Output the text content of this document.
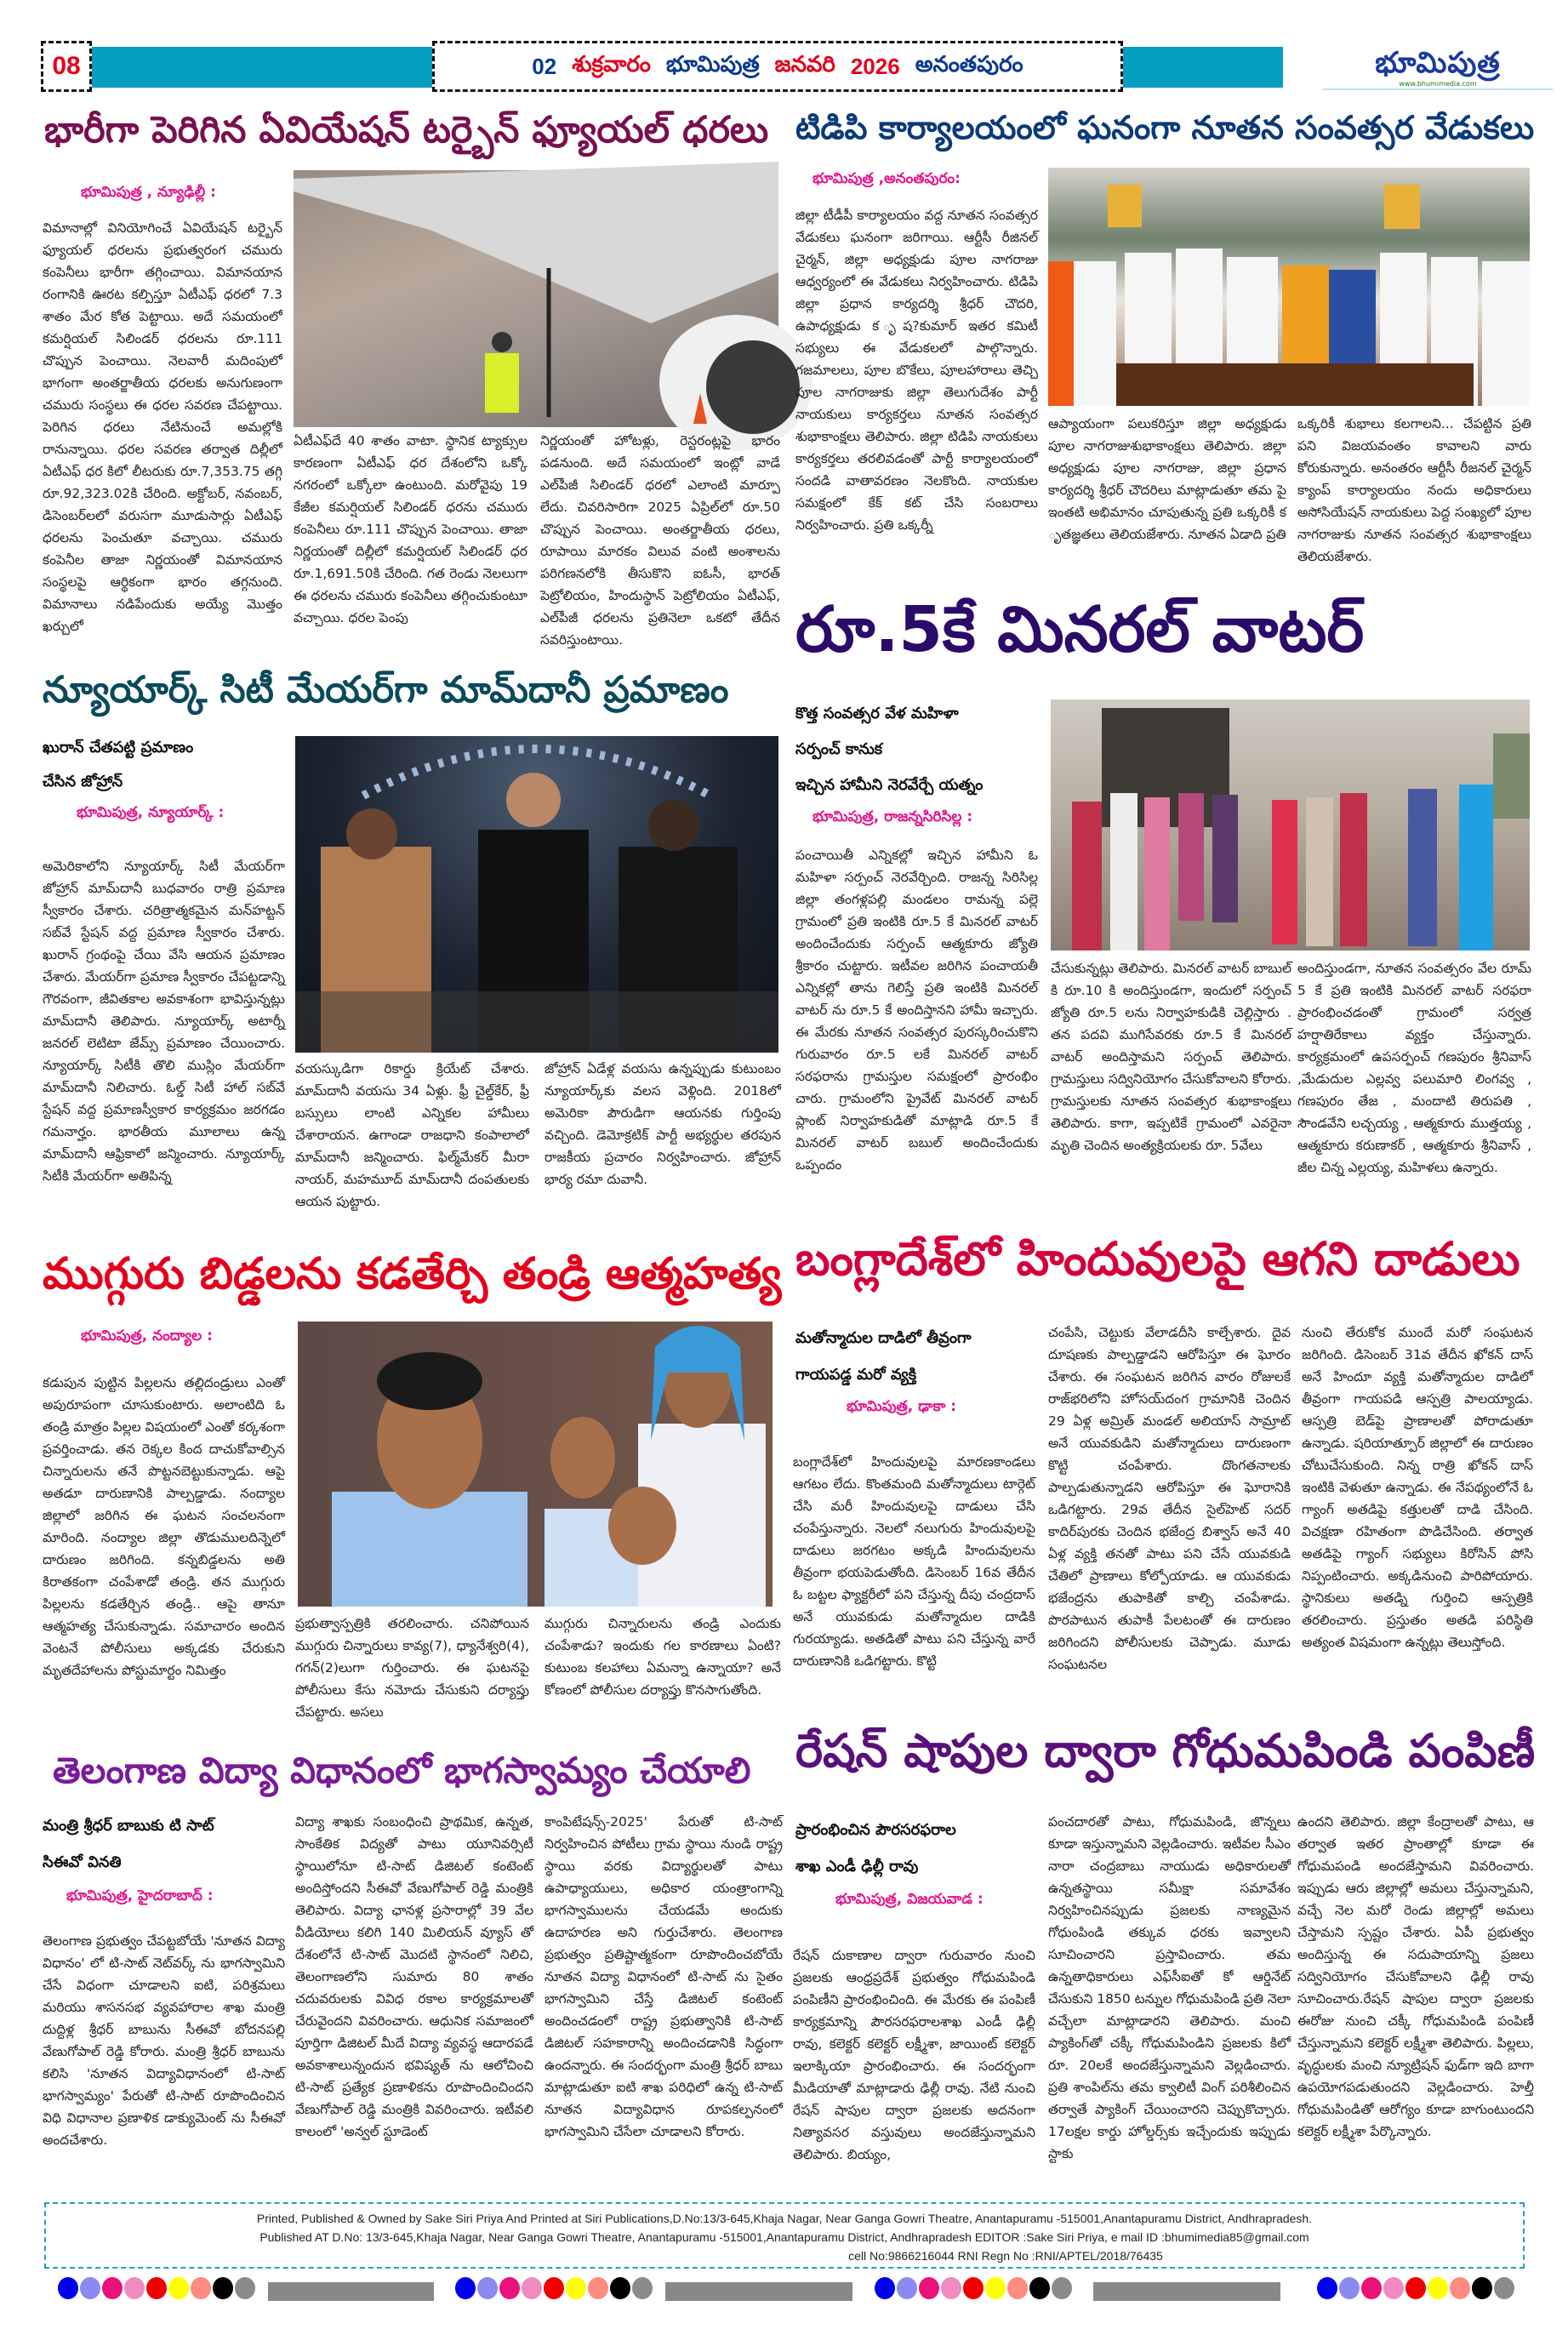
08	02 శుక్రవారం భూమిపుత్ర జనవరి 2026 అనంతపురం	భూమిపుత్ర
www.bhumimedia.com
భారీగా పెరిగిన ఏవియేషన్ టర్బైన్ ఫ్యూయల్ ధరలు
భూమిపుత్ర , న్యూఢిల్లీ :
విమానాల్లో వినియోగించే ఏవియేషన్ టర్బైన్ ఫ్యూయల్ ధరలను ప్రభుత్వరంగ చమురు కంపెనీలు భారీగా తగ్గించాయి. విమానయాన రంగానికి ఊరట కల్పిస్తూ ఏటీఎఫ్ ధరలో 7.3 శాతం మేర కోత పెట్టాయి. అదే సమయంలో కమర్షియల్ సిలిండర్ ధరలను రూ.111 చొప్పున పెంచాయి. నెలవారీ మదింపులో భాగంగా అంతర్జాతీయ ధరలకు అనుగుణంగా చమురు సంస్థలు ఈ ధరల సవరణ చేపట్టాయి. పెరిగిన ధరలు నేటినుంచే అమల్లోకి రానున్నాయి. ధరల సవరణ తర్వాత దిల్లీలో ఏటీఎఫ్ ధర కిలో లీటరుకు రూ.7,353.75 తగ్గి రూ.92,323.02కి చేరింది. అక్టోబర్, నవంబర్, డిసెంబర్‌లలో వరుసగా మూడుసార్లు ఏటీఎఫ్ ధరలను పెంచుతూ వచ్చాయి. చమురు కంపెనీల తాజా నిర్ణయంతో విమానయాన సంస్థలపై ఆర్థికంగా భారం తగ్గనుంది. విమానాలు నడిపేందుకు అయ్యే మొత్తం ఖర్చులో
ఏటీఎఫ్‌దే 40 శాతం వాటా. స్థానిక ట్యాక్సుల కారణంగా ఏటీఎఫ్ ధర దేశంలోని ఒక్కో నగరంలో ఒక్కోలా ఉంటుంది. మరోవైపు 19 కేజీల కమర్షియల్ సిలిండర్ ధరను చమురు కంపెనీలు రూ.111 చొప్పున పెంచాయి. తాజా నిర్ణయంతో దిల్లీలో కమర్షియల్ సిలిండర్ ధర రూ.1,691.50కి చేరింది. గత రెండు నెలలుగా ఈ ధరలను చమురు కంపెనీలు తగ్గించుకుంటూ వచ్చాయి. ధరల పెంపు
నిర్ణయంతో హోటళ్లు, రెస్టరంట్లపై భారం పడనుంది. అదే సమయంలో ఇంట్లో వాడే ఎల్‌పీజీ సిలిండర్ ధరలో ఎలాంటి మార్పూ లేదు. చివరిసారిగా 2025 ఏప్రిల్‌లో రూ.50 చొప్పున పెంచాయి. అంతర్జాతీయ ధరలు, రూపాయి మారకం విలువ వంటి అంశాలను పరిగణనలోకి తీసుకొని ఐఓసీ, భారత్ పెట్రోలియం, హిందుస్థాన్ పెట్రోలియం ఏటీఎఫ్, ఎల్‌పీజీ ధరలను ప్రతినెలా ఒకటో తేదీన సవరిస్తుంటాయి.
టిడిపి కార్యాలయంలో ఘనంగా నూతన సంవత్సర వేడుకలు
భూమిపుత్ర ,అనంతపురం:
జిల్లా టీడీపీ కార్యాలయం వద్ద నూతన సంవత్సర వేడుకలు ఘనంగా జరిగాయి. ఆర్టీసీ రీజినల్ చైర్మన్, జిల్లా అధ్యక్షుడు పూల నాగరాజు ఆధ్వర్యంలో ఈ వేడుకలు నిర్వహించారు. టిడిపి జిల్లా ప్రధాన కార్యదర్శి శ్రీధర్ చౌదరి, ఉపాధ్యక్షుడు క ృష?కుమార్ ఇతర కమిటీ సభ్యులు ఈ వేడుకలలో పాల్గొన్నారు. గజమాలలు, పూల బొకేలు, పూలహారాలు తెచ్చి పూల నాగరాజుకు జిల్లా తెలుగుదేశం పార్టీ నాయకులు కార్యకర్తలు నూతన సంవత్సర శుభాకాంక్షలు తెలిపారు. జిల్లా టిడిపి నాయకులు కార్యకర్తలు తరలివడంతో పార్టీ కార్యాలయంలో సందడి వాతావరణం నెలకొంది. నాయకుల సమక్షంలో కేక్ కట్ చేసి సంబరాలు నిర్వహించారు. ప్రతి ఒక్కర్నీ
ఆప్యాయంగా పలుకరిస్తూ జిల్లా అధ్యక్షుడు పూల నాగరాజుశుభాకాంక్షలు తెలిపారు. జిల్లా అధ్యక్షుడు పూల నాగరాజు, జిల్లా ప్రధాన కార్యదర్శి శ్రీధర్ చౌదరిలు మాట్లాడుతూ తమ పై ఇంతటి అభిమానం చూపుతున్న ప్రతి ఒక్కరికీ క ృతజ్ఞతలు తెలియజేశారు. నూతన ఏడాది ప్రతి
ఒక్కరికీ శుభాలు కలగాలని... చేపట్టిన ప్రతి పని విజయవంతం కావాలని వారు కోరుకున్నారు. అనంతరం ఆర్టీసీ రీజనల్ చైర్మన్ క్యాంప్ కార్యాలయం నందు అధికారులు అసోసియేషన్ నాయకులు పెద్ద సంఖ్యలో పూల నాగరాజుకు నూతన సంవత్సర శుభాకాంక్షలు తెలియజేశారు.
రూ.5కే మినరల్ వాటర్
కొత్త సంవత్సర వేళ మహిళా
సర్పంచ్ కానుక
ఇచ్చిన హామీని నెరవేర్చే యత్నం
భూమిపుత్ర, రాజన్నసిరిసిల్ల :
పంచాయితీ ఎన్నికల్లో ఇచ్చిన హామీని ఓ మహిళా సర్పంచ్ నెరవేర్చింది. రాజన్న సిరిసిల్ల జిల్లా తంగళ్లపల్లి మండలం రామన్న పల్లె గ్రామంలో ప్రతి ఇంటికి రూ.5 కే మినరల్ వాటర్ అందించేందుకు సర్పంచ్ ఆత్మకూరు జ్యోతి శ్రీకారం చుట్టారు. ఇటీవల జరిగిన పంచాయతీ ఎన్నికల్లో తాను గెలిస్తే ప్రతి ఇంటికి మినరల్ వాటర్ ను రూ.5 కే అందిస్తానని హామీ ఇచ్చారు. ఈ మేరకు నూతన సంవత్సర పురస్కరించుకొని గురువారం రూ.5 లకే మినరల్ వాటర్ సరఫరాను గ్రామస్తుల సమక్షంలో ప్రారంభిం చారు. గ్రామంలోని ప్రైవేట్ మినరల్ వాటర్ ప్లాంట్ నిర్వాహకుడితో మాట్లాడి రూ.5 కే మినరల్ వాటర్ బబుల్ అందించేందుకు ఒప్పందం
చేసుకున్నట్లు తెలిపారు. మినరల్ వాటర్ బాబుల్ కి రూ.10 కి అందిస్తుండగా, ఇందులో సర్పంచ్ జ్యోతి రూ.5 లను నిర్వాహకుడికి చెల్లిస్తారు . తన పదవి ముగిసేవరకు రూ.5 కే మినరల్ వాటర్ అందిస్తామని సర్పంచ్ తెలిపారు. గ్రామస్తులు సద్వినియోగం చేసుకోవాలని కోరారు. గ్రామస్తులకు నూతన సంవత్సర శుభాకాంక్షలు తెలిపారు. కాగా, ఇప్పటికే గ్రామంలో ఎవరైనా మృతి చెందిన అంత్యక్రియలకు రూ. 5వేలు
అందిస్తుండగా, నూతన సంవత్సరం వేల రూమ్ 5 కే ప్రతి ఇంటికి మినరల్ వాటర్ సరఫరా ప్రారంభించడంతో గ్రామంలో సర్వత్ర హర్షాతిరేకాలు వ్యక్తం చేస్తున్నారు. కార్యక్రమంలో ఉపసర్పంచ్ గణపురం శ్రీనివాస్ ,మేడుదుల ఎల్లవ్వ పలుమారి లింగవ్వ , గణపురం తేజ , మందాటి తిరుపతి , సౌండవేని లచ్చయ్య , ఆత్మకూరు ముత్తయ్య , ఆత్మకూరు కరుణాకర్ , ఆత్మకూరు శ్రీనివాస్ , జీల చిన్న ఎల్లయ్య, మహిళలు ఉన్నారు.
న్యూయార్క్ సిటీ మేయర్‌గా మామ్‌దానీ ప్రమాణం
ఖురాన్ చేతపట్టి ప్రమాణం
చేసిన జోహ్రాన్
భూమిపుత్ర, న్యూయార్క్ :
అమెరికాలోని న్యూయార్క్ సిటీ మేయర్‌గా జోహ్రాన్ మామ్‌దానీ బుధవారం రాత్రి ప్రమాణ స్వీకారం చేశారు. చరిత్రాత్మకమైన మన్‌హట్టన్ సబ్‌వే స్టేషన్ వద్ద ప్రమాణ స్వీకారం చేశారు. ఖురాన్ గ్రంథంపై చేయి వేసి ఆయన ప్రమాణం చేశారు. మేయర్‌గా ప్రమాణ స్వీకారం చేపట్టడాన్ని గౌరవంగా, జీవితకాల అవకాశంగా భావిస్తున్నట్లు మామ్‌దానీ తెలిపారు. న్యూయార్క్ అటార్నీ జనరల్ లెటిటా జేమ్స్ ప్రమాణం చేయించారు. న్యూయార్క్ సిటీకి తొలి ముస్లిం మేయర్‌గా మామ్‌దానీ నిలిచారు. ఓల్డ్ సిటీ హాల్ సబ్‌వే స్టేషన్ వద్ద ప్రమాణస్వీకార కార్యక్రమం జరగడం గమనార్హం. భారతీయ మూలాలు ఉన్న మామ్‌దానీ ఆఫ్రికాలో జన్మించారు. న్యూయార్క్ సిటీకి మేయర్‌గా అతిపిన్న
వయస్కుడిగా రికార్డు క్రియేట్ చేశారు. మామ్‌దానీ వయసు 34 ఏళ్లు. ఫ్రీ చైల్డ్‌కేర్, ఫ్రీ బస్సులు లాంటి ఎన్నికల హామీలు చేశారాయన. ఉగాండా రాజధాని కంపాలాలో మామ్‌దానీ జన్మించారు. ఫిల్మ్‌మేకర్ మీరా నాయర్, మహమూద్ మామ్‌దానీ దంపతులకు ఆయన పుట్టారు.
జోహ్రాన్ ఏడేళ్ల వయసు ఉన్నప్పుడు కుటుంబం న్యూయార్క్‌కు వలస వెళ్లింది. 2018లో అమెరికా పౌరుడిగా ఆయనకు గుర్తింపు వచ్చింది. డెమోక్రటిక్ పార్టీ అభ్యర్థుల తరపున రాజకీయ ప్రచారం నిర్వహించారు. జోహ్రాన్ భార్య రమా దువానీ.
ముగ్గురు బిడ్డలను కడతేర్చి తండ్రి ఆత్మహత్య
భూమిపుత్ర, నంద్యాల :
కడుపున పుట్టిన పిల్లలను తల్లిదండ్రులు ఎంతో అపురూపంగా చూసుకుంటారు. అలాంటిది ఓ తండ్రి మాత్రం పిల్లల విషయంలో ఎంతో కర్కశంగా ప్రవర్తించాడు. తన రెక్కల కింద దాచుకోవాల్సిన చిన్నారులను తనే పొట్టనబెట్టుకున్నాడు. ఆపై అతడూ దారుణానికి పాల్పడ్డాడు. నంద్యాల జిల్లాలో జరిగిన ఈ ఘటన సంచలనంగా మారింది. నంద్యాల జిల్లా తొడుములదిన్నెలో దారుణం జరిగింది. కన్నబిడ్డలను అతి కిరాతకంగా చంపేశాడో తండ్రి. తన ముగ్గురు పిల్లలను కడతేర్చిన తండ్రి.. ఆపై తానూ ఆత్మహత్య చేసుకున్నాడు. సమాచారం అందిన వెంటనే పోలీసులు అక్కడకు చేరుకుని మృతదేహాలను పోస్టుమార్టం నిమిత్తం
ప్రభుత్వాస్పత్రికి తరలించారు. చనిపోయిన ముగ్గురు చిన్నారులు కావ్య(7), ధ్యానేశ్వరి(4), గగన్(2)లుగా గుర్తించారు. ఈ ఘటనపై పోలీసులు కేసు నమోదు చేసుకుని దర్యాప్తు చేపట్టారు. అసలు
ముగ్గురు చిన్నారులను తండ్రి ఎందుకు చంపేశాడు? ఇందుకు గల కారణాలు ఏంటి? కుటుంబ కలహాలు ఏమన్నా ఉన్నాయా? అనే కోణంలో పోలీసుల దర్యాప్తు కొనసాగుతోంది.
బంగ్లాదేశ్‌లో హిందువులపై ఆగని దాడులు
మతోన్మాదుల దాడిలో తీవ్రంగా
గాయపడ్డ మరో వ్యక్తి
భూమిపుత్ర, ఢాకా :
బంగ్లాదేశ్‌లో హిందువులపై మారణకాండలు ఆగటం లేదు. కొంతమంది మతోన్మాదులు టార్గెట్ చేసి మరీ హిందువులపై దాడులు చేసి చంపేస్తున్నారు. నెలలో నలుగురు హిందువులపై దాడులు జరగటం అక్కడి హిందువులను తీవ్రంగా భయపెడుతోంది. డిసెంబర్ 16వ తేదీన ఓ బట్టల ఫ్యాక్టరీలో పని చేస్తున్న దీపు చంద్రదాస్ అనే యువకుడు మతోన్మాదుల దాడికి గురయ్యాడు. అతడితో పాటు పని చేస్తున్న వారే దారుణానికి ఒడిగట్టారు. కొట్టి
చంపేసి, చెట్టుకు వేలాడదీసి కాల్చేశారు. దైవ దూషణకు పాల్పడ్డాడని ఆరోపిస్తూ ఈ ఘోరం చేశారు. ఈ సంఘటన జరిగిన వారం రోజులకే రాజ్‌భరిలోని హోసయ్‌దంగ గ్రామానికి చెందిన 29 ఏళ్ల అమ్రిత్ మండల్ అలియాస్ సామ్రాట్ అనే యువకుడిని మతోన్మాదులు దారుణంగా కొట్టి చంపేశారు. దొంగతనాలకు పాల్పడుతున్నాడని ఆరోపిస్తూ ఈ ఘోరానికి ఒడిగట్టారు. 29వ తేదీన సైల్‌హెట్ సదర్ కాదిర్‌పురకు చెందిన భజేంద్ర బిశ్వాస్ అనే 40 ఏళ్ల వ్యక్తి తనతో పాటు పని చేసే యువకుడి చేతిలో ప్రాణాలు కోల్పోయాడు. ఆ యువకుడు భజేంద్రను తుపాకితో కాల్చి చంపేశాడు. పొరపాటున తుపాకీ పేలటంతో ఈ దారుణం జరిగిందని పోలీసులకు చెప్పాడు. మూడు సంఘటనల
నుంచి తేరుకోక ముందే మరో సంఘటన జరిగింది. డిసెంబర్ 31వ తేదీన ఖోకన్ దాస్ అనే హిందూ వ్యక్తి మతోన్మాదుల దాడిలో తీవ్రంగా గాయపడి ఆస్పత్రి పాలయ్యాడు. ఆస్పత్రి బెడ్‌పై ప్రాణాలతో పోరాడుతూ ఉన్నాడు. షరియాత్పూర్ జిల్లాలో ఈ దారుణం చోటుచేసుకుంది. నిన్న రాత్రి ఖోకన్ దాస్ ఇంటికి వెళుతూ ఉన్నాడు. ఈ నేపథ్యంలోనే ఓ గ్యాంగ్ అతడిపై కత్తులతో దాడి చేసింది. విచక్షణా రహితంగా పొడిచేసింది. తర్వాత అతడిపై గ్యాంగ్ సభ్యులు కిరోసిన్ పోసి నిప్పంటించారు. అక్కడినుంచి పారిపోయారు. స్థానికులు అతడ్ని గుర్తించి ఆస్పత్రికి తరలించారు. ప్రస్తుతం అతడి పరిస్థితి అత్యంత విషమంగా ఉన్నట్లు తెలుస్తోంది.
తెలంగాణ విద్యా విధానంలో భాగస్వామ్యం చేయాలి
మంత్రి శ్రీధర్ బాబుకు టి సాట్
సిఈవో వినతి
భూమిపుత్ర, హైదరాబాద్ :
తెలంగాణ ప్రభుత్వం చేపట్టబోయే 'నూతన విద్యా విధానం' లో టి-సాట్ నెట్‌వర్క్ ను భాగస్వామిని చేసే విధంగా చూడాలని ఐటి, పరిశ్రమలు మరియు శాసనసభ వ్యవహారాల శాఖ మంత్రి దుద్దిళ్ల శ్రీధర్ బాబును సీఈవో బోదనపల్లి వేణుగోపాల్ రెడ్డి కోరారు. మంత్రి శ్రీధర్ బాబును కలిసి 'నూతన విద్యావిధానంలో టి-సాట్ భాగస్వామ్యం' పేరుతో టి-సాట్ రూపొందించిన విధి విధానాల ప్రణాళిక డాక్యుమెంట్ ను సీఈవో అందచేశారు.
విద్యా శాఖకు సంబంధించి ప్రాథమిక, ఉన్నత, సాంకేతిక విద్యతో పాటు యూనివర్సిటీ స్థాయిలోనూ టి-సాట్ డిజిటల్ కంటెంట్ అందిస్తోందని సీఈవో వేణుగోపాల్ రెడ్డి మంత్రికి తెలిపారు. విద్యా ఛానళ్ల ప్రసారాల్లో 39 వేల వీడియోలు కలిగి 140 మిలియన్ వ్యూస్ తో దేశంలోనే టి-సాట్ మొదటి స్థానంలో నిలిచి, తెలంగాణలోని సుమారు 80 శాతం చదువరులకు వివిధ రకాల కార్యక్రమాలతో చేరువైందని వివరించారు. ఆధునిక సమాజంలో పూర్తిగా డిజిటల్ మీదే విద్యా వ్యవస్థ ఆదారపడే అవకాశాలున్నందున భవిష్యత్ ను ఆలోచించి టి-సాట్ ప్రత్యేక ప్రణాళికను రూపొందించిందని వేణుగోపాల్ రెడ్డి మంత్రికి వివరించారు. ఇటీవలి కాలంలో 'అన్వల్ స్టూడెంట్
కాంపిటేషన్స్-2025' పేరుతో టి-సాట్ నిర్వహించిన పోటీలు గ్రామ స్థాయి నుండి రాష్ట్ర స్థాయి వరకు విద్యార్థులతో పాటు ఉపాధ్యాయులు, అధికార యంత్రాంగాన్ని భాగస్వాములను చేయడమే అందుకు ఉదాహరణ అని గుర్తుచేశారు. తెలంగాణ ప్రభుత్వం ప్రతిష్టాత్మకంగా రూపొందించబోయే నూతన విద్యా విధానంలో టి-సాట్ ను సైతం భాగస్వామిని చేస్తే డిజిటల్ కంటెంట్ అందించడంలో రాష్ట్ర ప్రభుత్వానికి టి-సాట్ డిజిటల్ సహకారాన్ని అందించడానికి సిద్ధంగా ఉందన్నారు. ఈ సందర్భంగా మంత్రి శ్రీధర్ బాబు మాట్లాడుతూ ఐటి శాఖ పరిధిలో ఉన్న టి-సాట్ నూతన విద్యావిధాన రూపకల్పనంలో భాగస్వామిని చేసేలా చూడాలని కోరారు.
రేషన్ షాపుల ద్వారా గోధుమపిండి పంపిణీ
ప్రారంభించిన పౌరసరఫరాల
శాఖ ఎండీ ఢిల్లీ రావు
భూమిపుత్ర, విజయవాడ :
రేషన్ దుకాణాల ద్వారా గురువారం నుంచి ప్రజలకు ఆంధ్రప్రదేశ్ ప్రభుత్వం గోధుమపిండి పంపిణీని ప్రారంభించింది. ఈ మేరకు ఈ పంపిణీ కార్యక్రమాన్ని పౌరసరఫరాలశాఖ ఎండీ ఢిల్లీ రావు, కలెక్టర్ కలెక్టర్ లక్ష్మీశా, జాయింట్ కలెక్టర్ ఇలాక్కియా ప్రారంభించారు. ఈ సందర్భంగా మీడియాతో మాట్లాడారు ఢిల్లీ రావు. నేటి నుంచి రేషన్ షాపుల ద్వారా ప్రజలకు అదనంగా నిత్యావసర వస్తువులు అందజేస్తున్నామని తెలిపారు. బియ్యం,
పంచదారతో పాటు, గోధుమపిండి, జొన్నలు కూడా ఇస్తున్నామని వెల్లడించారు. ఇటీవల సీఎం నారా చంద్రబాబు నాయుడు అధికారులతో ఉన్నతస్థాయి సమీక్షా సమావేశం నిర్వహించినప్పుడు ప్రజలకు నాణ్యమైన గోధుంపిండి తక్కువ ధరకు ఇవ్వాలని సూచించారని ప్రస్తావించారు. తమ ఉన్నతాధికారులు ఎఫ్‌సీఐతో కో ఆర్డినేట్ చేసుకుని 1850 టన్నుల గోధుమపిండి ప్రతి నెలా వచ్చేలా మాట్లాడారని తెలిపారు. మంచి ప్యాకింగ్‌తో చక్కీ గోధుమపిండిని ప్రజలకు కిలో రూ. 20లకే అందజేస్తున్నామని వెల్లడించారు. ప్రతి శాంపిల్‌ను తమ క్వాలిటీ వింగ్ పరిశీలించిన తర్వాతే ప్యాకింగ్ చేయించారని చెప్పుకొచ్చారు. 17లక్షల కార్డు హోల్డర్స్‌కు ఇచ్చేందుకు ఇప్పుడు స్టాకు
ఉందని తెలిపారు. జిల్లా కేంద్రాలతో పాటు, ఆ తర్వాత ఇతర ప్రాంతాల్లో కూడా ఈ గోధుమపండి అందజేస్తామని వివరించారు. ఇప్పుడు ఆరు జిల్లాల్లో అమలు చేస్తున్నామని, వచ్చే నెల మరో రెండు జిల్లాల్లో అమలు చేస్తామని స్పష్టం చేశారు. ఏపీ ప్రభుత్వం అందిస్తున్న ఈ సదుపాయాన్ని ప్రజలు సద్వినియోగం చేసుకోవాలని ఢిల్లీ రావు సూచించారు.రేషన్ షాపుల ద్వారా ప్రజలకు ఈరోజు నుంచి చక్కీ గోధుమపిండి పంపిణీ చేస్తున్నామని కలెక్టర్ లక్ష్మీశా తెలిపారు. పిల్లలు, వృద్ధులకు మంచి న్యూట్రిషన్ ఫుడ్‌గా ఇది బాగా ఉపయోగపడుతుందని వెల్లడించారు. హెల్తీ గోధుమపిండితో ఆరోగ్యం కూడా బాగుంటుందని కలెక్టర్ లక్ష్మీశా పేర్కొన్నారు.
Printed, Published & Owned by Sake Siri Priya And Printed at Siri Publications,D.No:13/3-645,Khaja Nagar, Near Ganga Gowri Theatre, Anantapuramu -515001,Anantapuramu District, Andhrapradesh.
Published AT D.No: 13/3-645,Khaja Nagar, Near Ganga Gowri Theatre, Anantapuramu -515001,Anantapuramu District, Andhrapradesh EDITOR :Sake Siri Priya, e mail ID :bhumimedia85@gmail.com
cell No:9866216044 RNI Regn No :RNI/APTEL/2018/76435
